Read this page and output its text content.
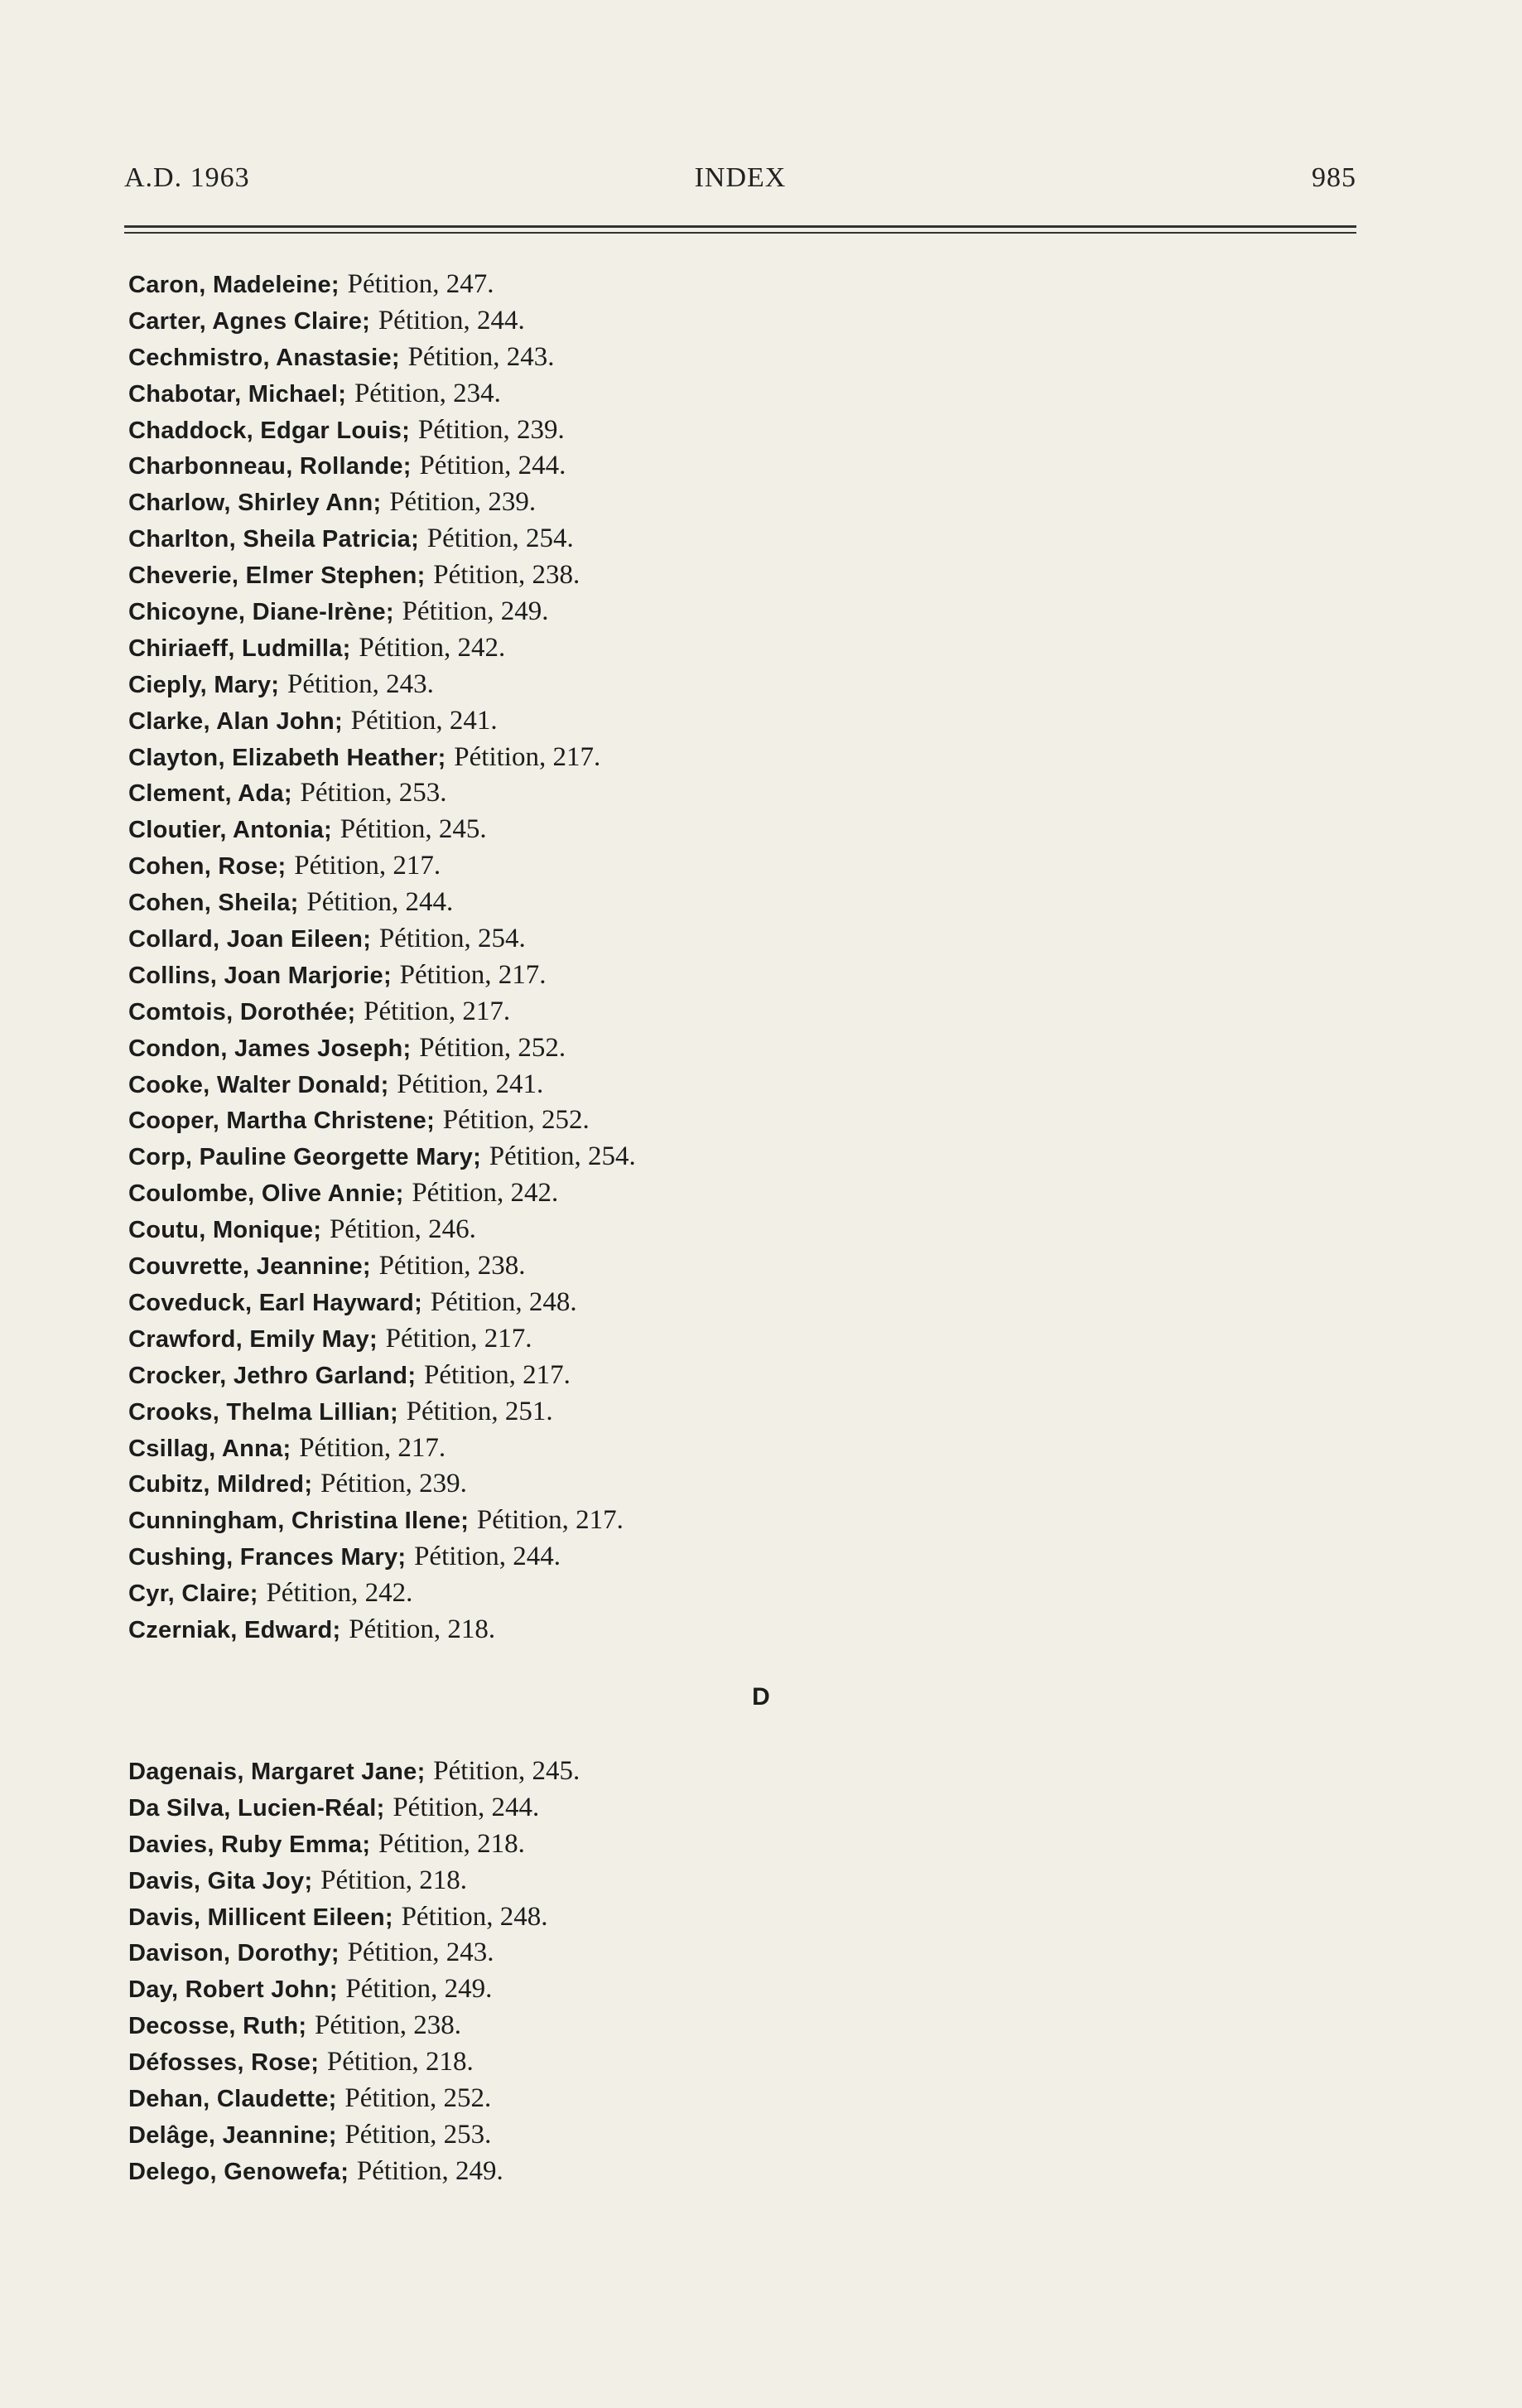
A.D. 1963	INDEX	985
Caron, Madeleine; Pétition, 247.
Carter, Agnes Claire; Pétition, 244.
Cechmistro, Anastasie; Pétition, 243.
Chabotar, Michael; Pétition, 234.
Chaddock, Edgar Louis; Pétition, 239.
Charbonneau, Rollande; Pétition, 244.
Charlow, Shirley Ann; Pétition, 239.
Charlton, Sheila Patricia; Pétition, 254.
Cheverie, Elmer Stephen; Pétition, 238.
Chicoyne, Diane-Irène; Pétition, 249.
Chiriaeff, Ludmilla; Pétition, 242.
Cieply, Mary; Pétition, 243.
Clarke, Alan John; Pétition, 241.
Clayton, Elizabeth Heather; Pétition, 217.
Clement, Ada; Pétition, 253.
Cloutier, Antonia; Pétition, 245.
Cohen, Rose; Pétition, 217.
Cohen, Sheila; Pétition, 244.
Collard, Joan Eileen; Pétition, 254.
Collins, Joan Marjorie; Pétition, 217.
Comtois, Dorothée; Pétition, 217.
Condon, James Joseph; Pétition, 252.
Cooke, Walter Donald; Pétition, 241.
Cooper, Martha Christene; Pétition, 252.
Corp, Pauline Georgette Mary; Pétition, 254.
Coulombe, Olive Annie; Pétition, 242.
Coutu, Monique; Pétition, 246.
Couvrette, Jeannine; Pétition, 238.
Coveduck, Earl Hayward; Pétition, 248.
Crawford, Emily May; Pétition, 217.
Crocker, Jethro Garland; Pétition, 217.
Crooks, Thelma Lillian; Pétition, 251.
Csillag, Anna; Pétition, 217.
Cubitz, Mildred; Pétition, 239.
Cunningham, Christina Ilene; Pétition, 217.
Cushing, Frances Mary; Pétition, 244.
Cyr, Claire; Pétition, 242.
Czerniak, Edward; Pétition, 218.
D
Dagenais, Margaret Jane; Pétition, 245.
Da Silva, Lucien-Réal; Pétition, 244.
Davies, Ruby Emma; Pétition, 218.
Davis, Gita Joy; Pétition, 218.
Davis, Millicent Eileen; Pétition, 248.
Davison, Dorothy; Pétition, 243.
Day, Robert John; Pétition, 249.
Decosse, Ruth; Pétition, 238.
Défosses, Rose; Pétition, 218.
Dehan, Claudette; Pétition, 252.
Delâge, Jeannine; Pétition, 253.
Delego, Genowefa; Pétition, 249.
